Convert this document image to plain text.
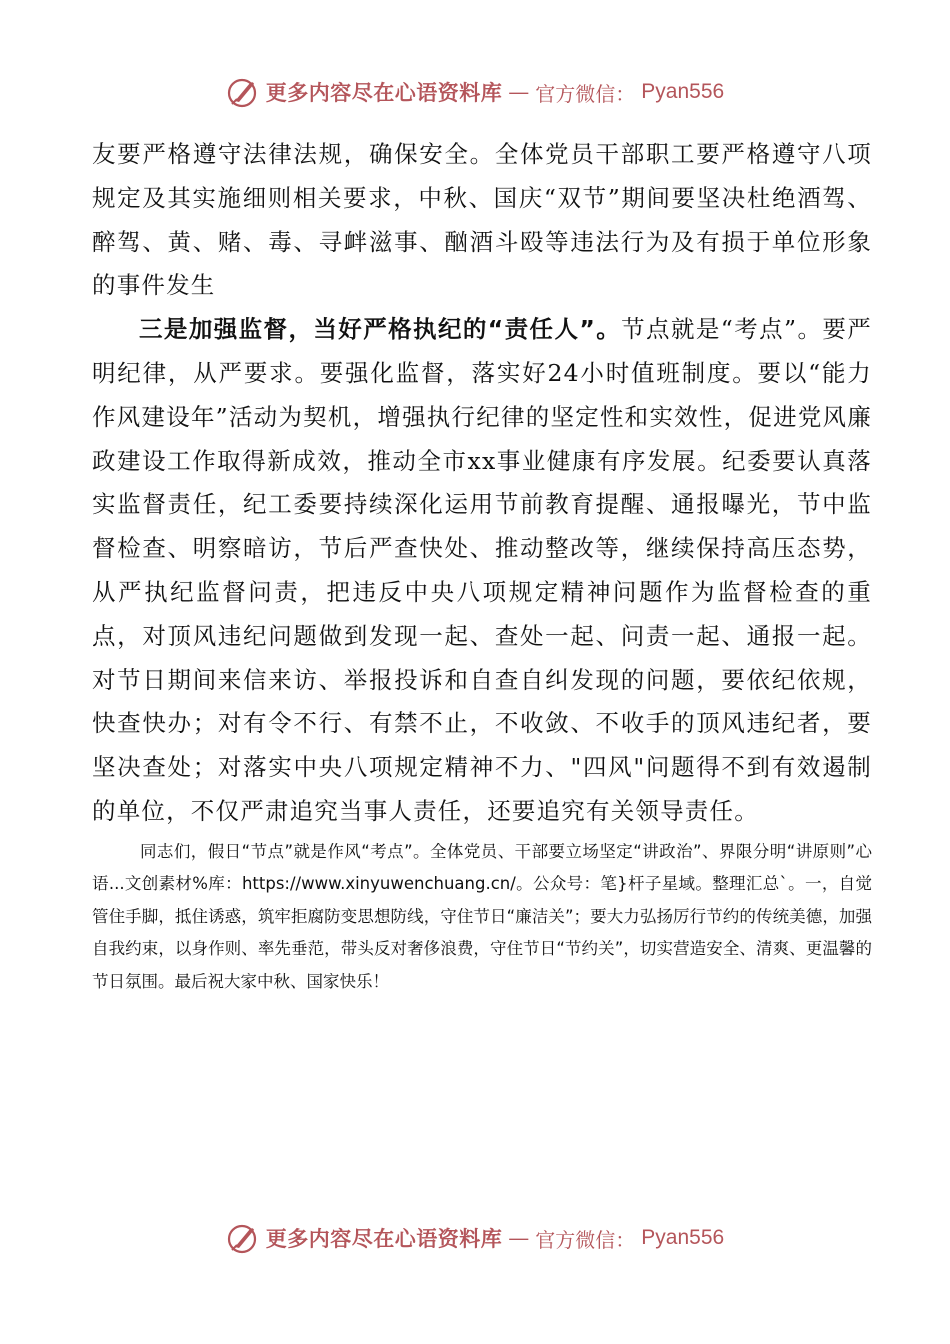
更多内容尽在心语资料库 — 官方微信： Pyan556

友要严格遵守法律法规，确保安全。全体党员干部职工要严格遵守八项规定及其实施细则相关要求，中秋、国庆“双节”期间要坚决杜绝酒驾、醉驾、黄、赌、毒、寻衅滋事、酗酒斗殴等违法行为及有损于单位形象的事件发生

三是加强监督，当好严格执纪的“责任人”。节点就是“考点”。要严明纪律，从严要求。要强化监督，落实好24小时值班制度。要以“能力作风建设年”活动为契机，增强执行纪律的坚定性和实效性，促进党风廉政建设工作取得新成效，推动全市xx事业健康有序发展。纪委要认真落实监督责任，纪工委要持续深化运用节前教育提醒、通报曝光，节中监督检查、明察暗访，节后严查快处、推动整改等，继续保持高压态势，从严执纪监督问责，把违反中央八项规定精神问题作为监督检查的重点，对顶风违纪问题做到发现一起、查处一起、问责一起、通报一起。对节日期间来信来访、举报投诉和自查自纠发现的问题，要依纪依规，快查快办；对有令不行、有禁不止，不收敛、不收手的顶风违纪者，要坚决查处；对落实中央八项规定精神不力、"四风"问题得不到有效遏制的单位，不仅严肃追究当事人责任，还要追究有关领导责任。

同志们，假日“节点”就是作风“考点”。全体党员、干部要立场坚定“讲政治”、界限分明“讲原则”心语...文创素材%库：https://www.xinyuwenchuang.cn/。公众号：笔}杆子星域。整理汇总`。一，自觉管住手脚，抵住诱惑，筑牢拒腐防变思想防线，守住节日“廉洁关”；要大力弘扬厉行节约的传统美德，加强自我约束，以身作则、率先垂范，带头反对奢侈浪费，守住节日“节约关”，切实营造安全、清爽、更温馨的节日氛围。最后祝大家中秋、国家快乐！

更多内容尽在心语资料库 — 官方微信： Pyan556
